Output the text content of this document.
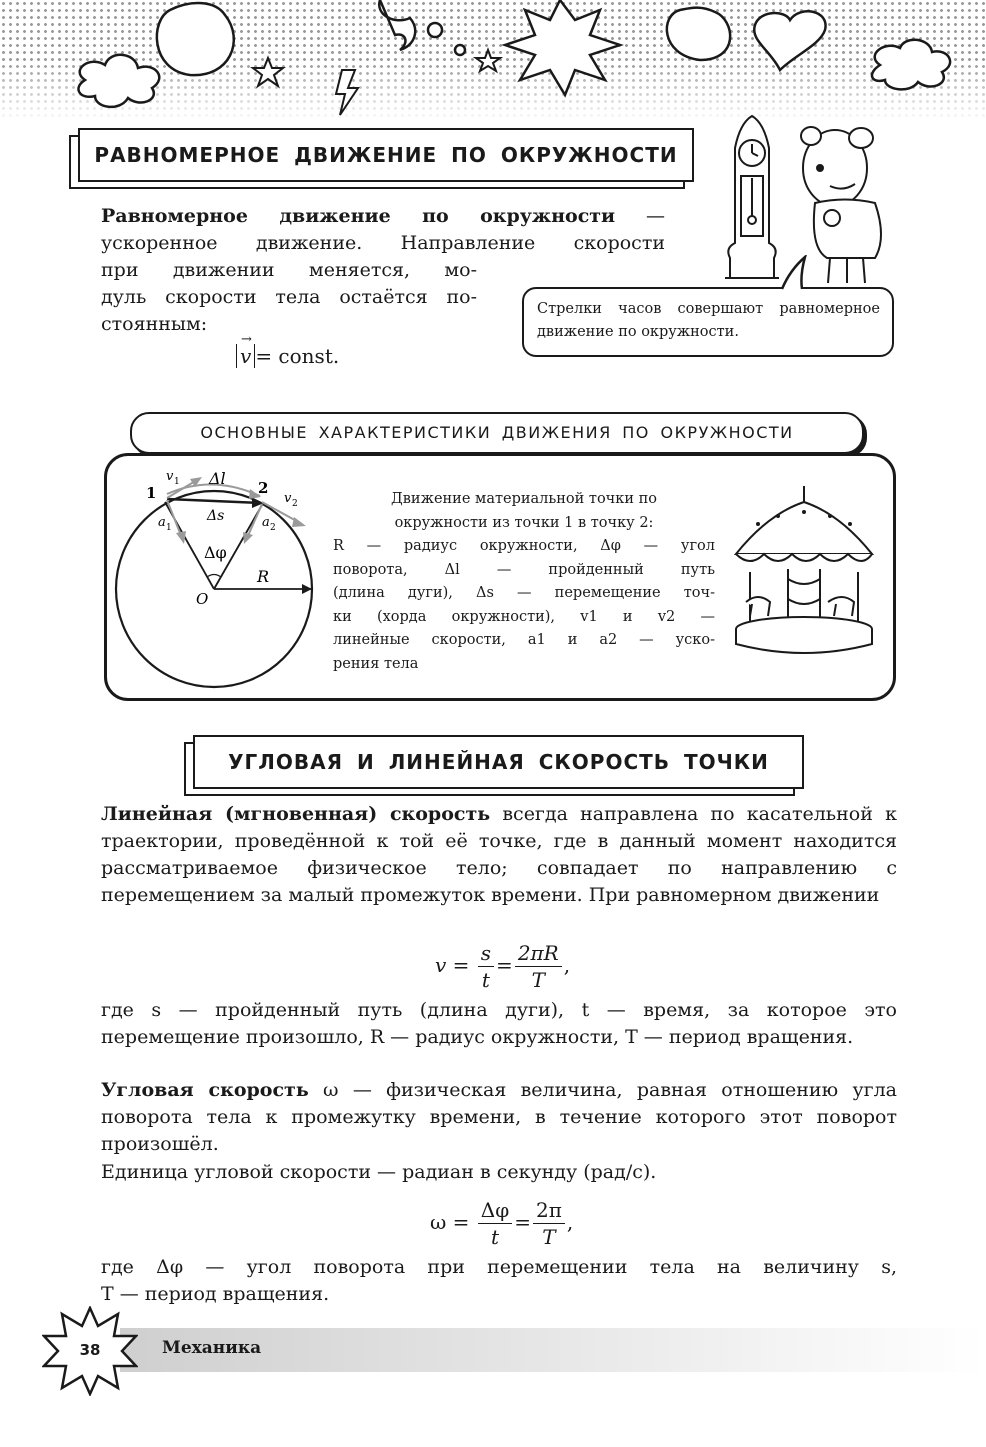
РАВНОМЕРНОЕ ДВИЖЕНИЕ ПО ОКРУЖНОСТИ
Равномерное движение по окружности —
ускоренное движение. Направление скорости
при движении меняется, мо-
дуль скорости тела остаётся по-
стоянным:
→
v = const.
Стрелки часов совершают равномерное движение по окружности.
ОСНОВНЫЕ ХАРАКТЕРИСТИКИ ДВИЖЕНИЯ ПО ОКРУЖНОСТИ
1	2
v 1
v 2
a 1	a 2
Δl
Δs
Δφ
R
O
Движение материальной точки по
окружности из точки 1 в точку 2:
R — радиус окружности, Δφ — угол
поворота, Δl — пройденный путь
(длина дуги), Δs — перемещение точ-
ки (хорда окружности), v1 и v2 —
линейные скорости, a1 и a2 — уско-
рения тела
УГЛОВАЯ И ЛИНЕЙНАЯ СКОРОСТЬ ТОЧКИ
Линейная (мгновенная) скорость всегда направлена по касательной к траектории, проведённой к той её точке, где в данный момент находится рассматриваемое физическое тело; совпадает по направлению с перемещением за малый промежуток времени. При равномерном движении
$v = \frac{s}{t} = \frac{2\pi R}{T}$ ,
где s — пройденный путь (длина дуги), t — время, за которое это перемещение произошло, R — радиус окружности, T — период вращения.
Угловая скорость ω — физическая величина, равная отношению угла поворота тела к промежутку времени, в течение которого этот поворот произошёл.
Единица угловой скорости — радиан в секунду (рад/с).
$\omega = \frac{\Delta\varphi}{t} = \frac{2\pi}{T}$ ,
где Δφ — угол поворота при перемещении тела на величину s,
T — период вращения.
Механика
38
